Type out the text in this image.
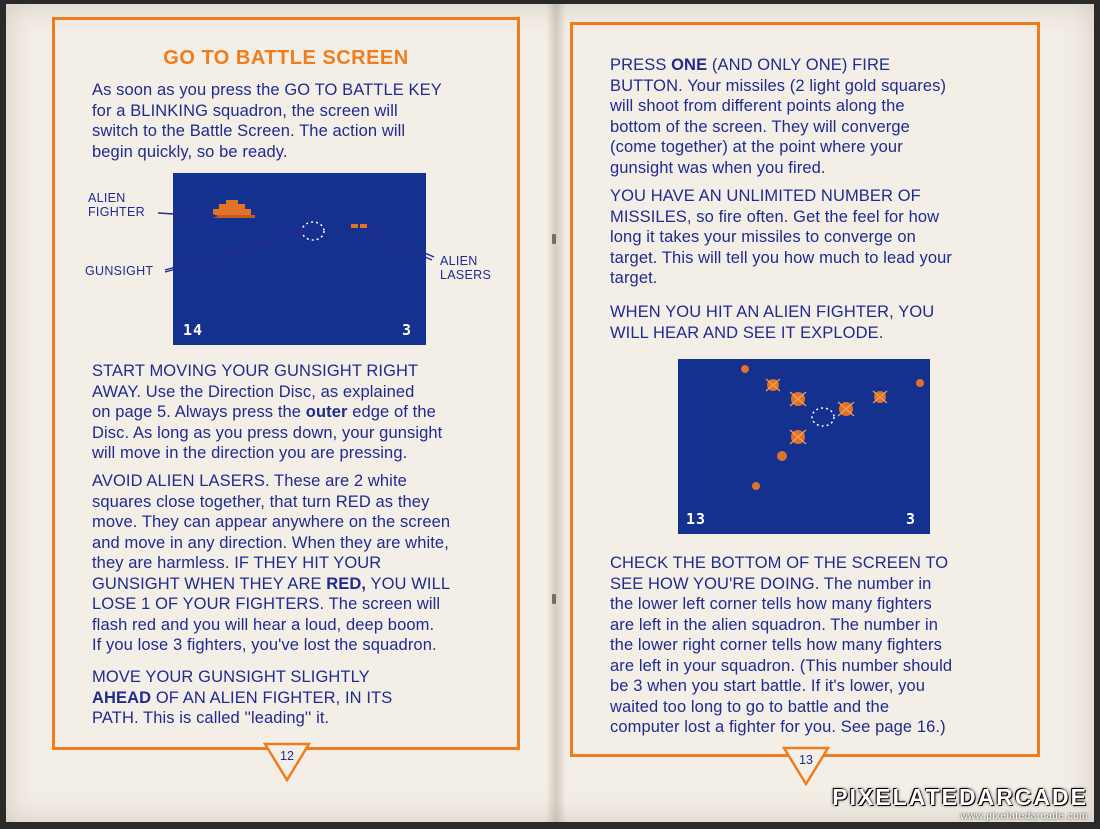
GO TO BATTLE SCREEN

As soon as you press the GO TO BATTLE KEY
for a BLINKING squadron, the screen will
switch to the Battle Screen. The action will
begin quickly, so be ready.

14	3

ALIEN
FIGHTER

GUNSIGHT

ALIEN
LASERS

START MOVING YOUR GUNSIGHT RIGHT
AWAY. Use the Direction Disc, as explained
on page 5. Always press the outer edge of the
Disc. As long as you press down, your gunsight
will move in the direction you are pressing.

AVOID ALIEN LASERS. These are 2 white
squares close together, that turn RED as they
move. They can appear anywhere on the screen
and move in any direction. When they are white,
they are harmless. IF THEY HIT YOUR
GUNSIGHT WHEN THEY ARE RED, YOU WILL
LOSE 1 OF YOUR FIGHTERS. The screen will
flash red and you will hear a loud, deep boom.
If you lose 3 fighters, you've lost the squadron.

MOVE YOUR GUNSIGHT SLIGHTLY
AHEAD OF AN ALIEN FIGHTER, IN ITS
PATH. This is called ''leading'' it.

12

PRESS ONE (AND ONLY ONE) FIRE
BUTTON. Your missiles (2 light gold squares)
will shoot from different points along the
bottom of the screen. They will converge
(come together) at the point where your
gunsight was when you fired.

YOU HAVE AN UNLIMITED NUMBER OF
MISSILES, so fire often. Get the feel for how
long it takes your missiles to converge on
target. This will tell you how much to lead your
target.

WHEN YOU HIT AN ALIEN FIGHTER, YOU
WILL HEAR AND SEE IT EXPLODE.

13	3

CHECK THE BOTTOM OF THE SCREEN TO
SEE HOW YOU'RE DOING. The number in
the lower left corner tells how many fighters
are left in the alien squadron. The number in
the lower right corner tells how many fighters
are left in your squadron. (This number should
be 3 when you start battle. If it's lower, you
waited too long to go to battle and the
computer lost a fighter for you. See page 16.)

13
PIXELATEDARCADE
www.pixelatedarcade.com
